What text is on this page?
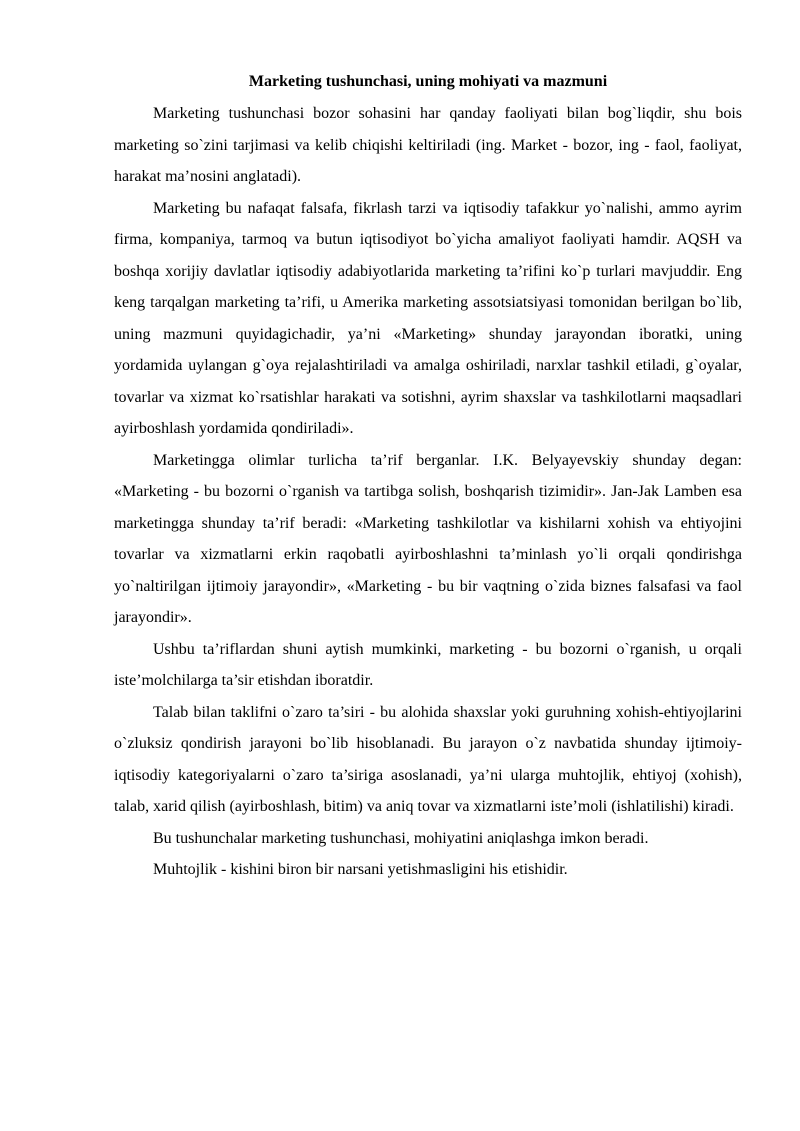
Marketing tushunchasi, uning mohiyati va mazmuni

Marketing tushunchasi bozor sohasini har qanday faoliyati bilan bog`liqdir, shu bois marketing so`zini tarjimasi va kelib chiqishi keltiriladi (ing. Market - bozor, ing - faol, faoliyat, harakat ma’nosini anglatadi).

Marketing bu nafaqat falsafa, fikrlash tarzi va iqtisodiy tafakkur yo`nalishi, ammo ayrim firma, kompaniya, tarmoq va butun iqtisodiyot bo`yicha amaliyot faoliyati hamdir. AQSH va boshqa xorijiy davlatlar iqtisodiy adabiyotlarida marketing ta’rifini ko`p turlari mavjuddir. Eng keng tarqalgan marketing ta’rifi, u Amerika marketing assotsiatsiyasi tomonidan berilgan bo`lib, uning mazmuni quyidagichadir, ya’ni «Marketing» shunday jarayondan iboratki, uning yordamida uylangan g`oya rejalashtiriladi va amalga oshiriladi, narxlar tashkil etiladi, g`oyalar, tovarlar va xizmat ko`rsatishlar harakati va sotishni, ayrim shaxslar va tashkilotlarni maqsadlari ayirboshlash yordamida qondiriladi».

Marketingga olimlar turlicha ta’rif berganlar. I.K. Belyayevskiy shunday degan: «Marketing - bu bozorni o`rganish va tartibga solish, boshqarish tizimidir». Jan-Jak Lamben esa marketingga shunday ta’rif beradi: «Marketing tashkilotlar va kishilarni xohish va ehtiyojini tovarlar va xizmatlarni erkin raqobatli ayirboshlashni ta’minlash yo`li orqali qondirishga yo`naltirilgan ijtimoiy jarayondir», «Marketing - bu bir vaqtning o`zida biznes falsafasi va faol jarayondir».

Ushbu ta’riflardan shuni aytish mumkinki, marketing - bu bozorni o`rganish, u orqali iste’molchilarga ta’sir etishdan iboratdir.

Talab bilan taklifni o`zaro ta’siri - bu alohida shaxslar yoki guruhning xohish-ehtiyojlarini o`zluksiz qondirish jarayoni bo`lib hisoblanadi. Bu jarayon o`z navbatida shunday ijtimoiy-iqtisodiy kategoriyalarni o`zaro ta’siriga asoslanadi, ya’ni ularga muhtojlik, ehtiyoj (xohish), talab, xarid qilish (ayirboshlash, bitim) va aniq tovar va xizmatlarni iste’moli (ishlatilishi) kiradi.

Bu tushunchalar marketing tushunchasi, mohiyatini aniqlashga imkon beradi.

Muhtojlik - kishini biron bir narsani yetishmasligini his etishidir.
